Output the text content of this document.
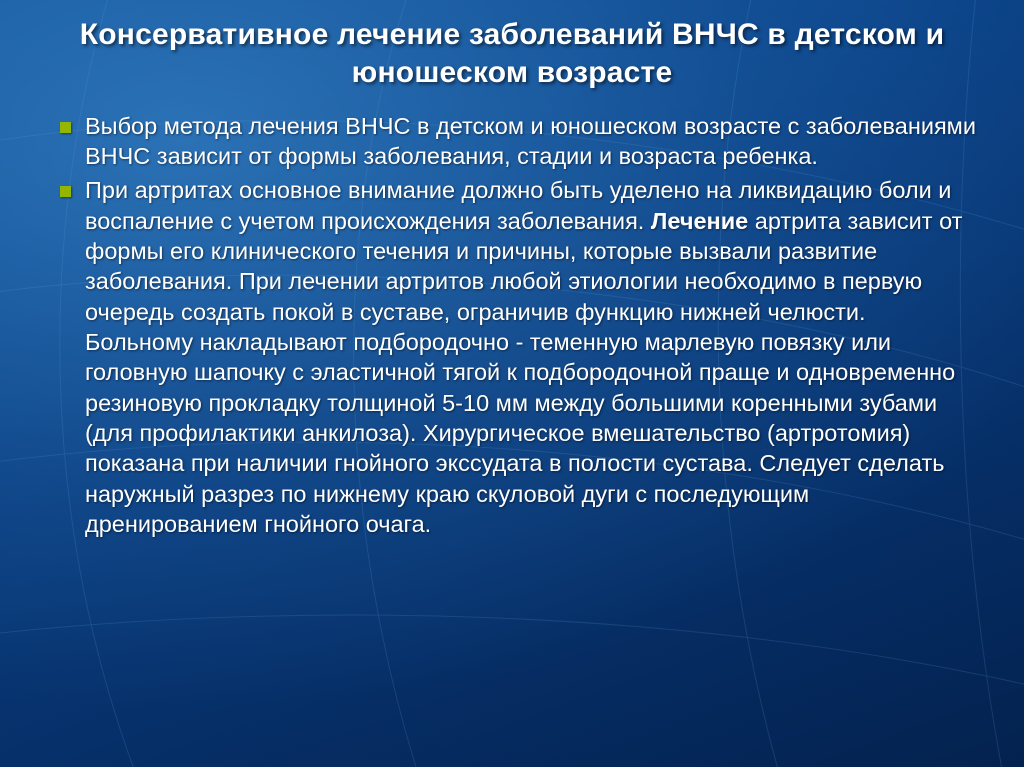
Консервативное лечение заболеваний ВНЧС в детском и юношеском возрасте
Выбор метода лечения ВНЧС в детском и юношеском возрасте с заболеваниями ВНЧС зависит от формы заболевания, стадии и возраста ребенка.
При артритах основное внимание должно быть уделено на ликвидацию боли и воспаление с учетом происхождения заболевания. Лечение артрита зависит от формы его клинического течения и причины, которые вызвали развитие заболевания. При лечении артритов любой этиологии необходимо в первую очередь создать покой в суставе, ограничив функцию нижней челюсти. Больному накладывают подбородочно - теменную марлевую повязку или головную шапочку с эластичной тягой к подбородочной праще и одновременно резиновую прокладку толщиной 5-10 мм между большими коренными зубами (для профилактики анкилоза). Хирургическое вмешательство (артротомия) показана при наличии гнойного экссудата в полости сустава. Следует сделать наружный разрез по нижнему краю скуловой дуги с последующим дренированием гнойного очага.
